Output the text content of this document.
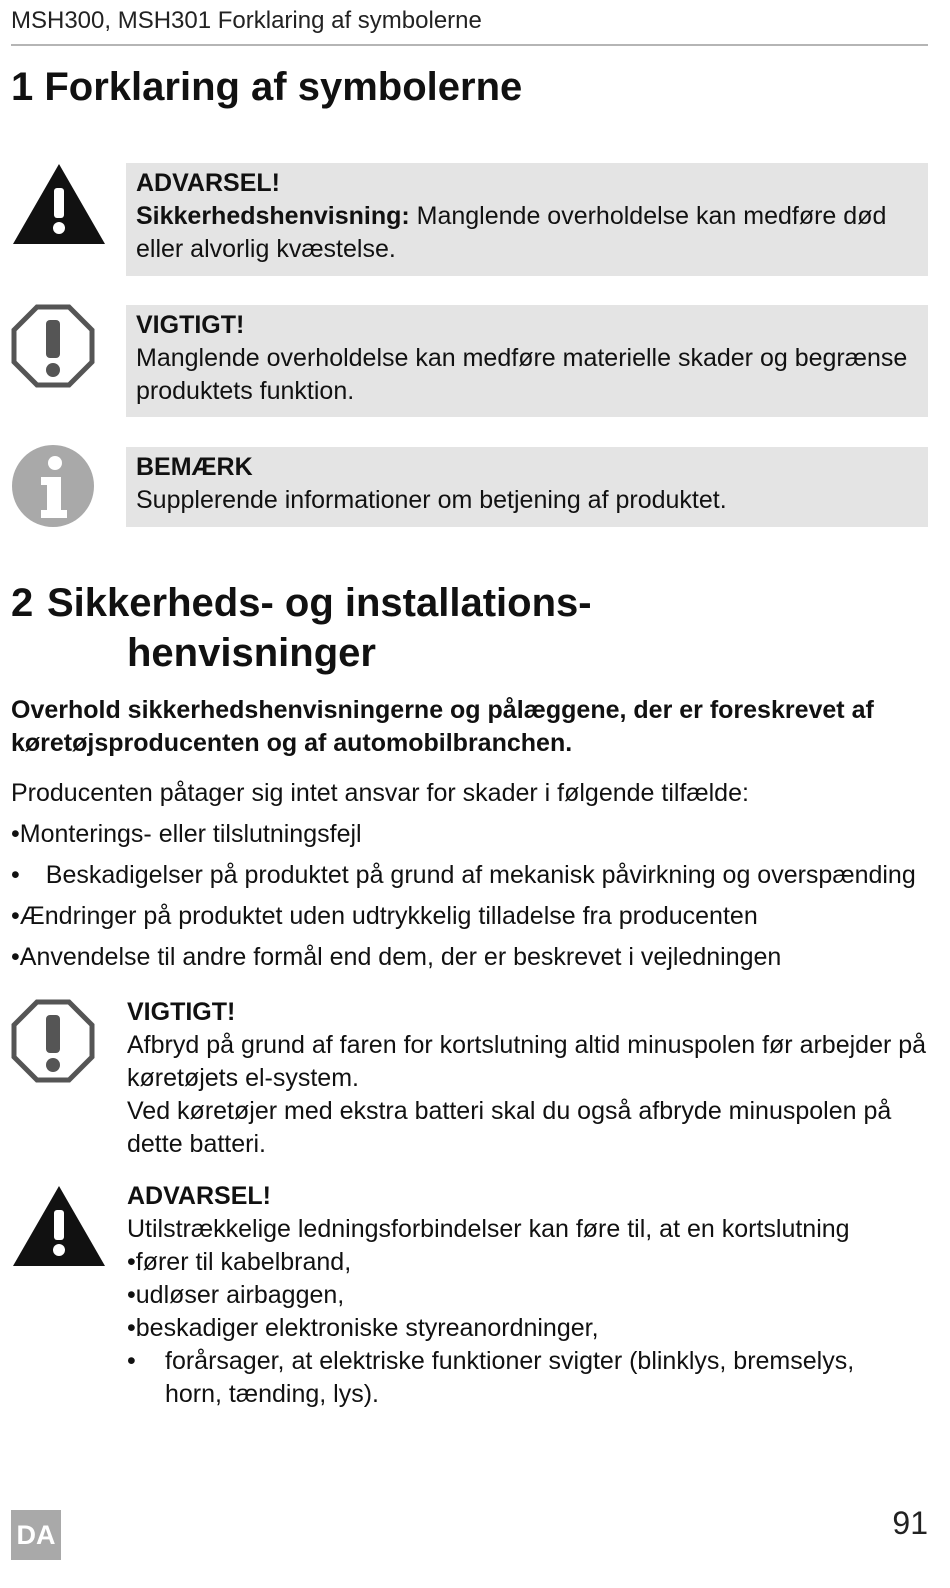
MSH300, MSH301 Forklaring af symbolerne
1 Forklaring af symbolerne
ADVARSEL!
Sikkerhedshenvisning: Manglende overholdelse kan medføre død eller alvorlig kvæstelse.
VIGTIGT!
Manglende overholdelse kan medføre materielle skader og begrænse produktets funktion.
BEMÆRK
Supplerende informationer om betjening af produktet.
2 Sikkerheds- og installations-
henvisninger
Overhold sikkerhedshenvisningerne og pålæggene, der er foreskrevet af køretøjsproducenten og af automobilbranchen.
Producenten påtager sig intet ansvar for skader i følgende tilfælde:
•Monterings- eller tilslutningsfejl
• Beskadigelser på produktet på grund af mekanisk påvirkning og overspænding
•Ændringer på produktet uden udtrykkelig tilladelse fra producenten
•Anvendelse til andre formål end dem, der er beskrevet i vejledningen
VIGTIGT!
Afbryd på grund af faren for kortslutning altid minuspolen før arbejder på køretøjets el-system.
Ved køretøjer med ekstra batteri skal du også afbryde minuspolen på dette batteri.
ADVARSEL!
Utilstrækkelige ledningsforbindelser kan føre til, at en kortslutning
•fører til kabelbrand,
•udløser airbaggen,
•beskadiger elektroniske styreanordninger,
•	forårsager, at elektriske funktioner svigter (blinklys, bremselys, horn, tænding, lys).
DA	91
